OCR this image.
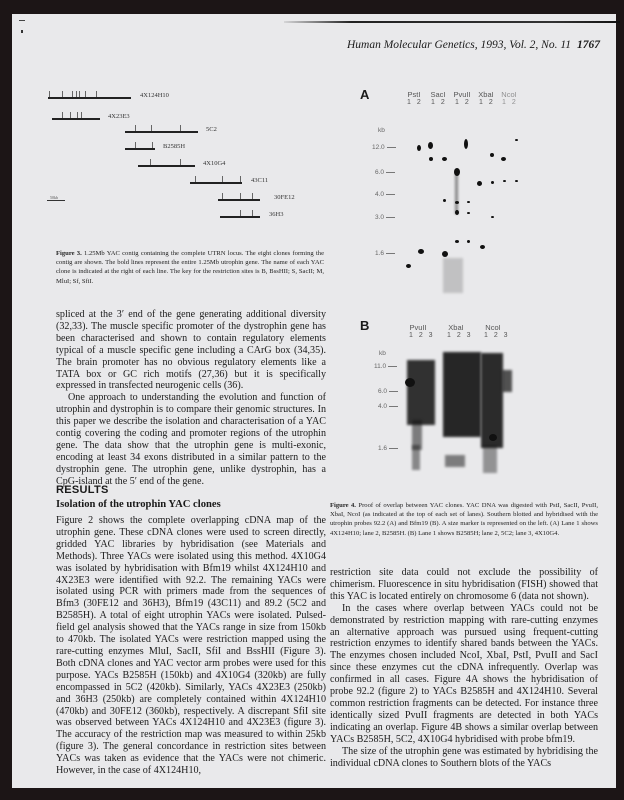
Human Molecular Genetics, 1993, Vol. 2, No. 11 1767
4X124H10
4X23E3
5C2
B2585H
4X10G4
43C11
30FE12
36H3
50kb
Figure 3. 1.25Mb YAC contig containing the complete UTRN locus. The eight clones forming the contig are shown. The bold lines represent the entire 1.25Mb utrophin gene. The name of each YAC clone is indicated at the right of each line. The key for the restriction sites is B, BssHII; S, SacII; M, MluI; Sf, SfiI.
A	PstI	SacI	PvuII	XbaI	NcoI
1 2 1 2 1 2 1 2 1 2
kb
12.0
6.0
4.0
3.0
1.6
B	PvuII	XbaI	NcoI
1 2 3 1 2 3 1 2 3
kb
11.0
6.0
4.0
1.6
Figure 4. Proof of overlap between YAC clones. YAC DNA was digested with PstI, SacII, PvuII, XbaI, NcoI (as indicated at the top of each set of lanes). Southern blotted and hybridised with the utrophin probes 92.2 (A) and Bfm19 (B). A size marker is represented on the left. (A) Lane 1 shows 4X124H10; lane 2, B2585H. (B) Lane 1 shows B2585H; lane 2, 5C2; lane 3, 4X10G4.

spliced at the 3′ end of the gene generating additional diversity (32,33). The muscle specific promoter of the dystrophin gene has been characterised and shown to contain regulatory elements typical of a muscle specific gene including a CArG box (34,35). The brain promoter has no obvious regulatory elements like a TATA box or GC rich motifs (27,36) but it is specifically expressed in transfected neurogenic cells (36).

One approach to understanding the evolution and function of utrophin and dystrophin is to compare their genomic structures. In this paper we describe the isolation and characterisation of a YAC contig covering the coding and promoter regions of the utrophin gene. The data show that the utrophin gene is multi-exonic, encoding at least 34 exons distributed in a similar pattern to the dystrophin gene. The utrophin gene, unlike dystrophin, has a CpG-island at the 5′ end of the gene.

RESULTS
Isolation of the utrophin YAC clones

Figure 2 shows the complete overlapping cDNA map of the utrophin gene. These cDNA clones were used to screen directly, gridded YAC libraries by hybridisation (see Materials and Methods). Three YACs were isolated using this method. 4X10G4 was isolated by hybridisation with Bfm19 whilst 4X124H10 and 4X23E3 were identified with 92.2. The remaining YACs were isolated using PCR with primers made from the sequences of Bfm3 (30FE12 and 36H3), Bfm19 (43C11) and 89.2 (5C2 and B2585H). A total of eight utrophin YACs were isolated. Pulsed-field gel analysis showed that the YACs range in size from 150kb to 470kb. The isolated YACs were restriction mapped using the rare-cutting enzymes MluI, SacII, SfiI and BssHII (Figure 3). Both cDNA clones and YAC vector arm probes were used for this purpose. YACs B2585H (150kb) and 4X10G4 (320kb) are fully encompassed in 5C2 (420kb). Similarly, YACs 4X23E3 (250kb) and 36H3 (250kb) are completely contained within 4X124H10 (470kb) and 30FE12 (360kb), respectively. A discrepant SfiI site was observed between YACs 4X124H10 and 4X23E3 (figure 3). The accuracy of the restriction map was measured to within 25kb (figure 3). The general concordance in restriction sites between YACs was taken as evidence that the YACs were not chimeric. However, in the case of 4X124H10,

restriction site data could not exclude the possibility of chimerism. Fluorescence in situ hybridisation (FISH) showed that this YAC is located entirely on chromosome 6 (data not shown).

In the cases where overlap between YACs could not be demonstrated by restriction mapping with rare-cutting enzymes an alternative approach was pursued using frequent-cutting restriction enzymes to identify shared bands between the YACs. The enzymes chosen included NcoI, XbaI, PstI, PvuII and SacI since these enzymes cut the cDNA infrequently. Overlap was confirmed in all cases. Figure 4A shows the hybridisation of probe 92.2 (figure 2) to YACs B2585H and 4X124H10. Several common restriction fragments can be detected. For instance three identically sized PvuII fragments are detected in both YACs indicating an overlap. Figure 4B shows a similar overlap between YACs B2585H, 5C2, 4X10G4 hybridised with probe bfm19.

The size of the utrophin gene was estimated by hybridising the individual cDNA clones to Southern blots of the YACs
